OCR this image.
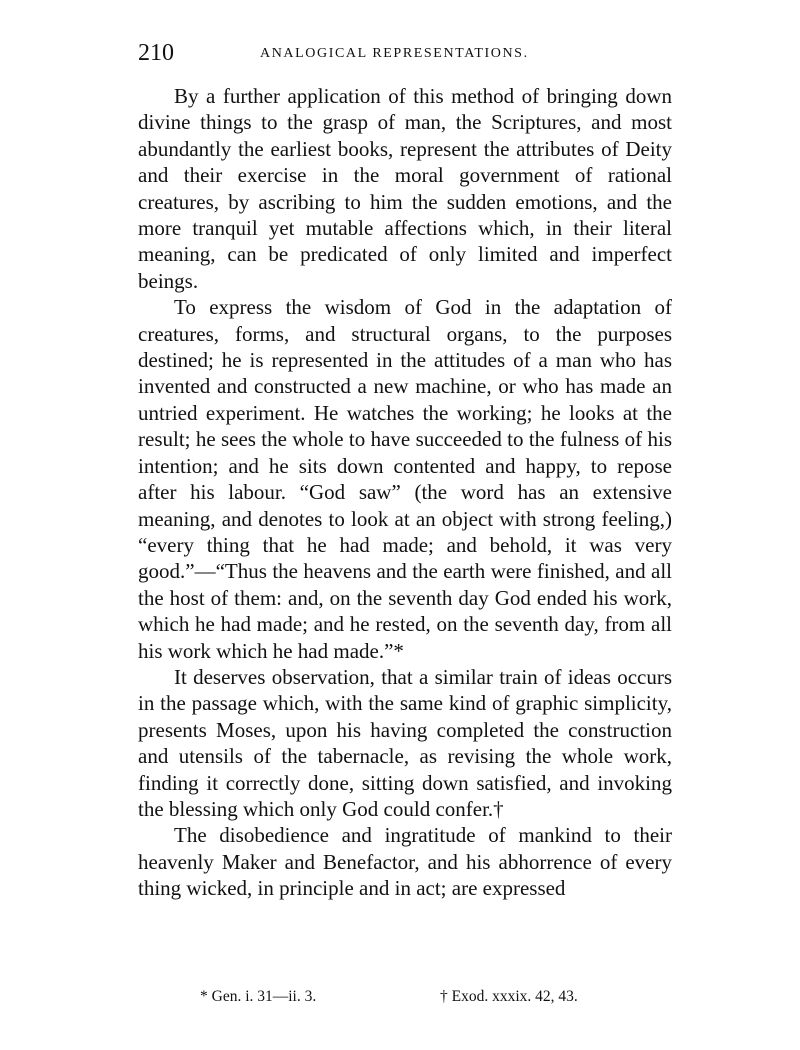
210	ANALOGICAL REPRESENTATIONS.

By a further application of this method of bringing down divine things to the grasp of man, the Scriptures, and most abundantly the earliest books, represent the attributes of Deity and their exercise in the moral government of rational creatures, by ascribing to him the sudden emotions, and the more tranquil yet mutable affections which, in their literal meaning, can be predicated of only limited and imperfect beings.

To express the wisdom of God in the adaptation of creatures, forms, and structural organs, to the purposes destined; he is represented in the attitudes of a man who has invented and constructed a new machine, or who has made an untried experiment. He watches the working; he looks at the result; he sees the whole to have succeeded to the fulness of his intention; and he sits down contented and happy, to repose after his labour. “God saw” (the word has an extensive meaning, and denotes to look at an object with strong feeling,) “every thing that he had made; and behold, it was very good.”—“Thus the heavens and the earth were finished, and all the host of them: and, on the seventh day God ended his work, which he had made; and he rested, on the seventh day, from all his work which he had made.”*

It deserves observation, that a similar train of ideas occurs in the passage which, with the same kind of graphic simplicity, presents Moses, upon his having completed the construction and utensils of the tabernacle, as revising the whole work, finding it correctly done, sitting down satisfied, and invoking the blessing which only God could confer.†

The disobedience and ingratitude of mankind to their heavenly Maker and Benefactor, and his abhorrence of every thing wicked, in principle and in act; are expressed

* Gen. i. 31—ii. 3.	† Exod. xxxix. 42, 43.
